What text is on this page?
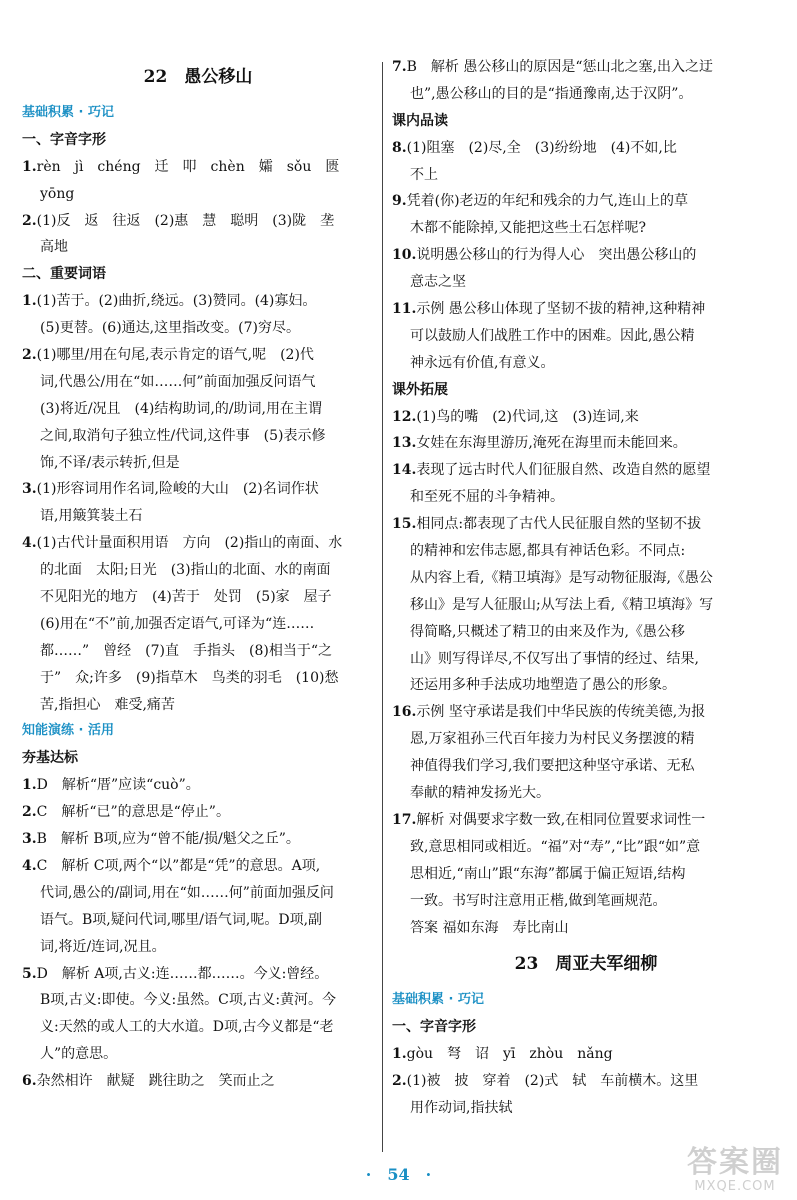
22　愚公移山
基础积累 · 巧记
一、字音字形
1.rèn　jì　chéng　迁　叩　chèn　孀　sǒu　匮
yōng
2.(1)反　返　往返　(2)惠　慧　聪明　(3)陇　垄
高地
二、重要词语
1.(1)苦于。(2)曲折,绕远。(3)赞同。(4)寡妇。
(5)更替。(6)通达,这里指改变。(7)穷尽。
2.(1)哪里/用在句尾,表示肯定的语气,呢　(2)代
词,代愚公/用在“如……何”前面加强反问语气
(3)将近/况且　(4)结构助词,的/助词,用在主谓
之间,取消句子独立性/代词,这件事　(5)表示修
饰,不译/表示转折,但是
3.(1)形容词用作名词,险峻的大山　(2)名词作状
语,用簸箕装土石
4.(1)古代计量面积用语　方向　(2)指山的南面、水
的北面　太阳;日光　(3)指山的北面、水的南面
不见阳光的地方　(4)苦于　处罚　(5)家　屋子
(6)用在“不”前,加强否定语气,可译为“连……
都……”　曾经　(7)直　手指头　(8)相当于“之
于”　众;许多　(9)指草木　鸟类的羽毛　(10)愁
苦,指担心　难受,痛苦
知能演练 · 活用
夯基达标
1.D　解析“厝”应读“cuò”。
2.C　解析“已”的意思是“停止”。
3.B　解析 B项,应为“曾不能/损/魁父之丘”。
4.C　解析 C项,两个“以”都是“凭”的意思。A项,
代词,愚公的/副词,用在“如……何”前面加强反问
语气。B项,疑问代词,哪里/语气词,呢。D项,副
词,将近/连词,况且。
5.D　解析 A项,古义:连……都……。今义:曾经。
B项,古义:即使。今义:虽然。C项,古义:黄河。今
义:天然的或人工的大水道。D项,古今义都是“老
人”的意思。
6.杂然相许　献疑　跳往助之　笑而止之
7.B　解析 愚公移山的原因是“惩山北之塞,出入之迂
也”,愚公移山的目的是“指通豫南,达于汉阴”。
课内品读
8.(1)阻塞　(2)尽,全　(3)纷纷地　(4)不如,比
不上
9.凭着(你)老迈的年纪和残余的力气,连山上的草
木都不能除掉,又能把这些土石怎样呢?
10.说明愚公移山的行为得人心　突出愚公移山的
意志之坚
11.示例 愚公移山体现了坚韧不拔的精神,这种精神
可以鼓励人们战胜工作中的困难。因此,愚公精
神永远有价值,有意义。
课外拓展
12.(1)鸟的嘴　(2)代词,这　(3)连词,来
13.女娃在东海里游历,淹死在海里而未能回来。
14.表现了远古时代人们征服自然、改造自然的愿望
和至死不屈的斗争精神。
15.相同点:都表现了古代人民征服自然的坚韧不拔
的精神和宏伟志愿,都具有神话色彩。不同点:
从内容上看,《精卫填海》是写动物征服海,《愚公
移山》是写人征服山;从写法上看,《精卫填海》写
得简略,只概述了精卫的由来及作为,《愚公移
山》则写得详尽,不仅写出了事情的经过、结果,
还运用多种手法成功地塑造了愚公的形象。
16.示例 坚守承诺是我们中华民族的传统美德,为报
恩,万家祖孙三代百年接力为村民义务摆渡的精
神值得我们学习,我们要把这种坚守承诺、无私
奉献的精神发扬光大。
17.解析 对偶要求字数一致,在相同位置要求词性一
致,意思相同或相近。“福”对“寿”,“比”跟“如”意
思相近,“南山”跟“东海”都属于偏正短语,结构
一致。书写时注意用正楷,做到笔画规范。
答案 福如东海　寿比南山
23　周亚夫军细柳
基础积累 · 巧记
一、字音字形
1.gòu　弩　诏　yī　zhòu　nǎng
2.(1)被　披　穿着　(2)式　轼　车前横木。这里
用作动词,指扶轼
·　54　·	答案圈
MXQE.COM
